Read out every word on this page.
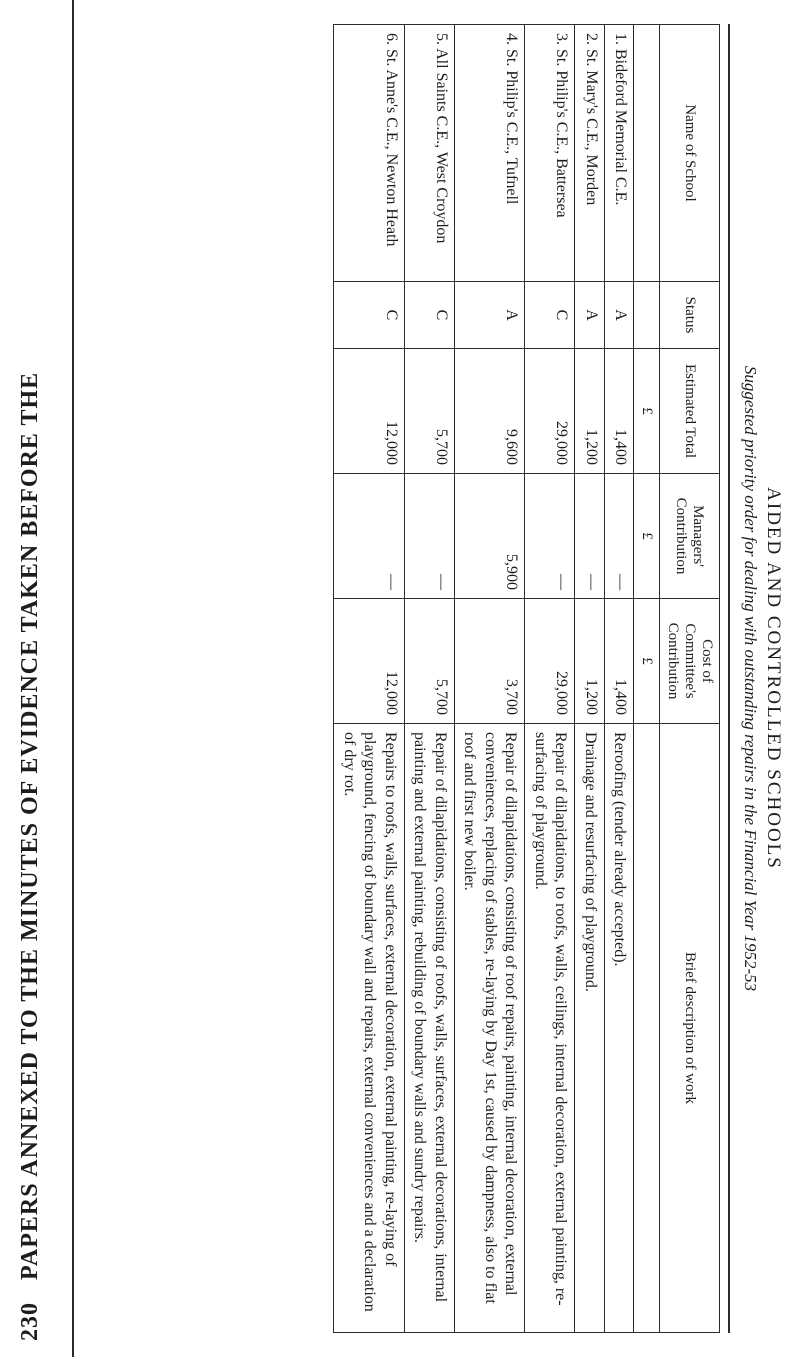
230
PAPERS ANNEXED TO THE MINUTES OF EVIDENCE TAKEN BEFORE THE	AIDED AND CONTROLLED SCHOOLS
Suggested priority order for dealing with outstanding repairs in the Financial Year 1952-53
Name of School	Status	Estimated Total	Managers' Contribution	Cost of Committee's Contribution	Brief description of work
		£	£	£	
1. Bideford Memorial C.E.	A	1,400	—	1,400	Reroofing (tender already accepted).
2. St. Mary's C.E., Morden	A	1,200	—	1,200	Drainage and resurfacing of playground.
3. St. Philip's C.E., Battersea	C	29,000	—	29,000	Repair of dilapidations, to roofs, walls, ceilings, internal decoration, external painting, re-surfacing of playground.
4. St. Philip's C.E., Tufnell	A	9,600	5,900	3,700	Repair of dilapidations, consisting of roof repairs, painting, internal decoration, external conveniences, replacing of stables, re-laying by Day 1st, caused by dampness, also to flat roof and first new boiler.
5. All Saints C.E., West Croydon	C	5,700	—	5,700	Repair of dilapidations, consisting of roofs, walls, surfaces, external decorations, internal painting and external painting, rebuilding of boundary walls and sundry repairs.
6. St. Anne's C.E., Newton Heath	C	12,000	—	12,000	Repairs to roofs, walls, surfaces, external decoration, external painting, re-laying of playground, fencing of boundary wall and repairs, external conveniences and a declaration of dry rot.
